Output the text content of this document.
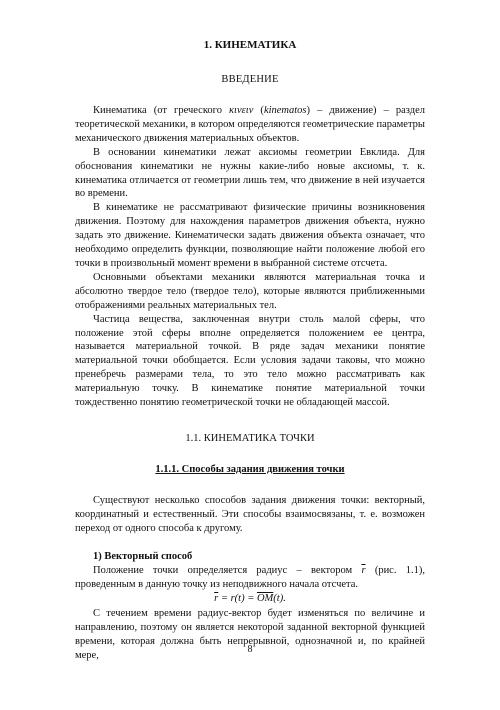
1. КИНЕМАТИКА
ВВЕДЕНИЕ

Кинематика (от греческого κινειν (kinematos) – движение) – раздел теоретической механики, в котором определяются геометрические параметры механического движения материальных объектов.

В основании кинематики лежат аксиомы геометрии Евклида. Для обоснования кинематики не нужны какие-либо новые аксиомы, т. к. кинематика отличается от геометрии лишь тем, что движение в ней изучается во времени.

В кинематике не рассматривают физические причины возникновения движения. Поэтому для нахождения параметров движения объекта, нужно задать это движение. Кинематически задать движения объекта означает, что необходимо определить функции, позволяющие найти положение любой его точки в произвольный момент времени в выбранной системе отсчета.

Основными объектами механики являются материальная точка и абсолютно твердое тело (твердое тело), которые являются приближенными отображениями реальных материальных тел.

Частица вещества, заключенная внутри столь малой сферы, что положение этой сферы вполне определяется положением ее центра, называется материальной точкой. В ряде задач механики понятие материальной точки обобщается. Если условия задачи таковы, что можно пренебречь размерами тела, то это тело можно рассматривать как материальную точку. В кинематике понятие материальной точки тождественно понятию геометрической точки не обладающей массой.

1.1. КИНЕМАТИКА ТОЧКИ
1.1.1. Способы задания движения точки

Существуют несколько способов задания движения точки: векторный, координатный и естественный. Эти способы взаимосвязаны, т. е. возможен переход от одного способа к другому.

1) Векторный способ

Положение точки определяется радиус – вектором $\overline{r}$ (рис. 1.1), проведенным в данную точку из неподвижного начала отсчета.

$\overline{r} = r(t) = \overline{OM}(t)$.

С течением времени радиус-вектор будет изменяться по величине и направлению, поэтому он является некоторой заданной векторной функцией времени, которая должна быть непрерывной, однозначной и, по крайней мере,

8
